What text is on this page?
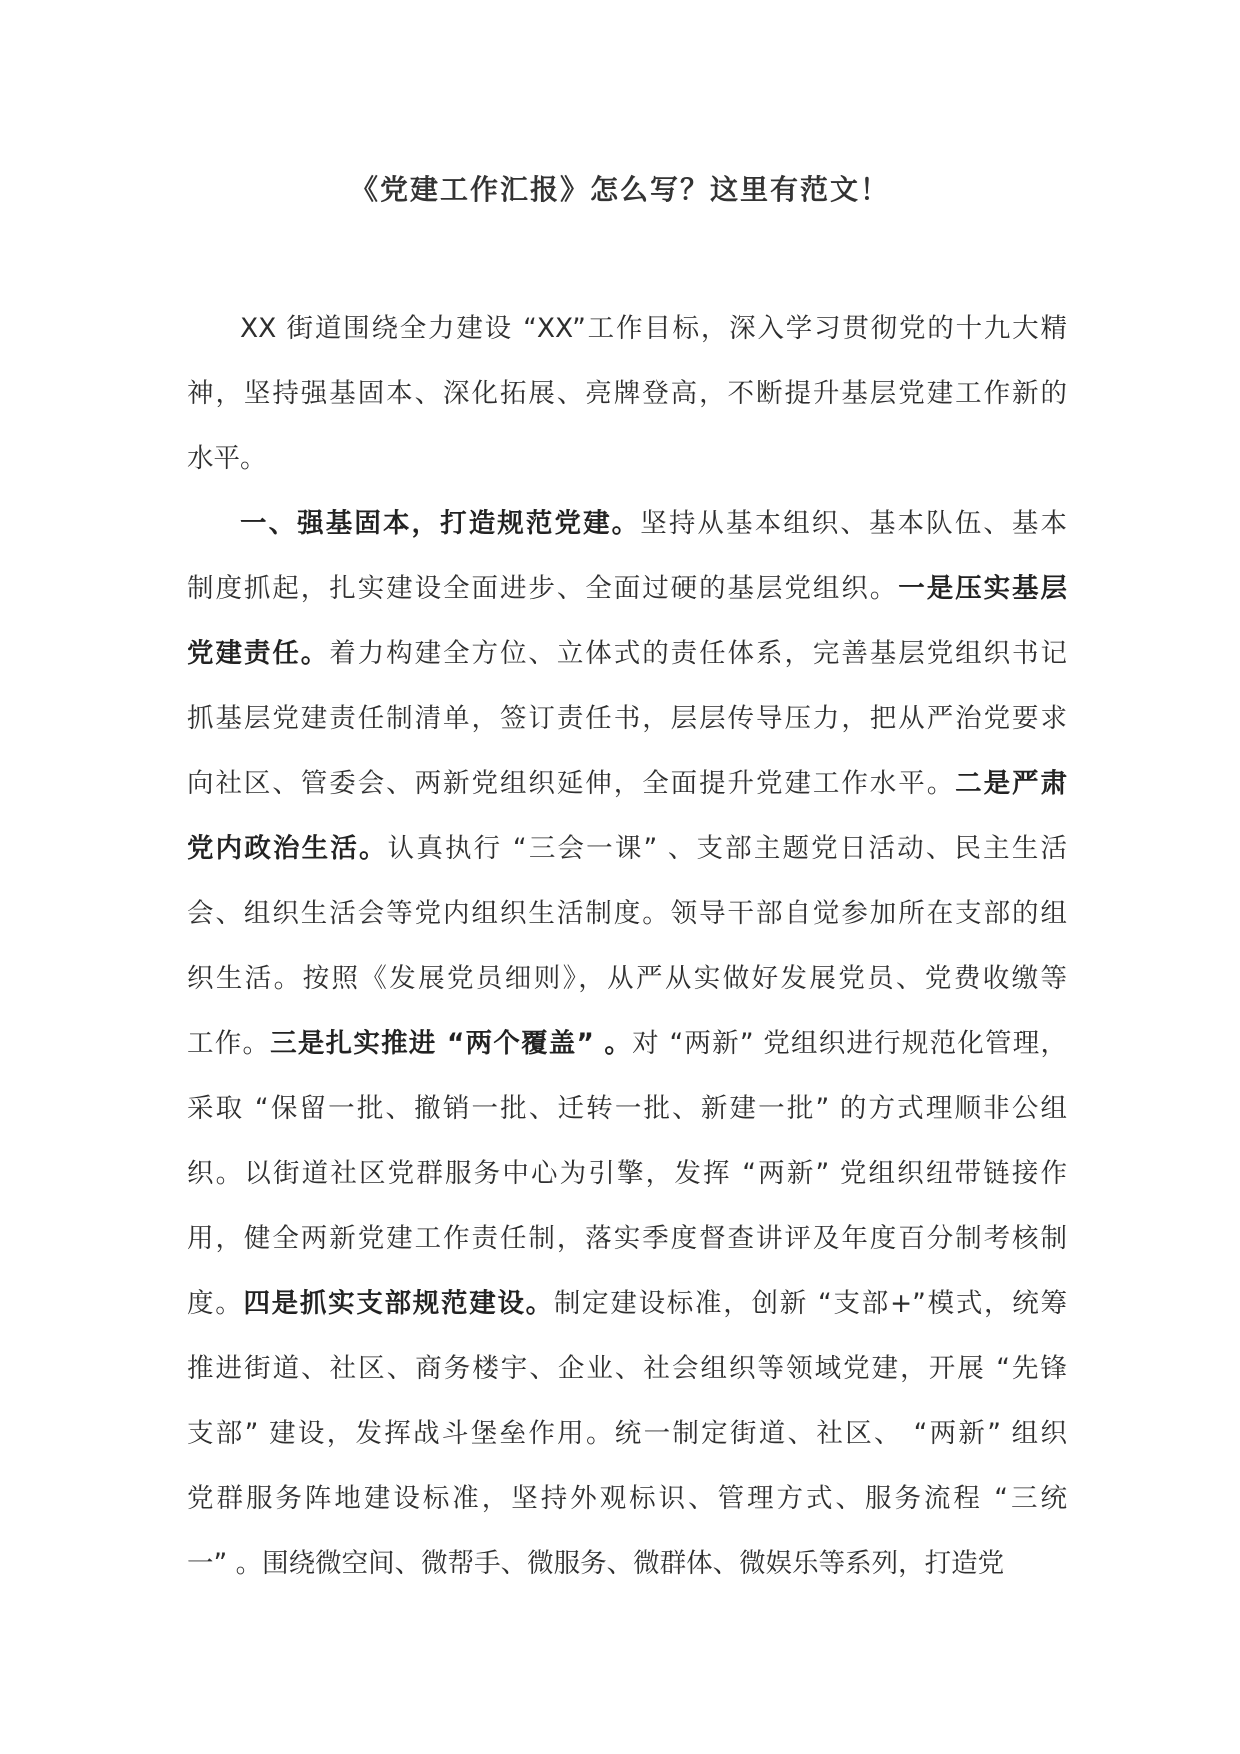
《党建工作汇报》怎么写？这里有范文！
XX 街道围绕全力建设 “XX”工作目标，深入学习贯彻党的十九大精
神，坚持强基固本、深化拓展、亮牌登高，不断提升基层党建工作新的
水平。
一、强基固本，打造规范党建。坚持从基本组织、基本队伍、基本
制度抓起，扎实建设全面进步、全面过硬的基层党组织。一是压实基层
党建责任。着力构建全方位、立体式的责任体系，完善基层党组织书记
抓基层党建责任制清单，签订责任书，层层传导压力，把从严治党要求
向社区、管委会、两新党组织延伸，全面提升党建工作水平。二是严肃
党内政治生活。认真执行 “三会一课” 、支部主题党日活动、民主生活
会、组织生活会等党内组织生活制度。领导干部自觉参加所在支部的组
织生活。按照《发展党员细则》，从严从实做好发展党员、党费收缴等
工作。三是扎实推进 “两个覆盖” 。对 “两新” 党组织进行规范化管理，
采取 “保留一批、撤销一批、迁转一批、新建一批” 的方式理顺非公组
织。以街道社区党群服务中心为引擎，发挥 “两新” 党组织纽带链接作
用，健全两新党建工作责任制，落实季度督查讲评及年度百分制考核制
度。四是抓实支部规范建设。制定建设标准，创新 “支部+”模式，统筹
推进街道、社区、商务楼宇、企业、社会组织等领域党建，开展 “先锋
支部” 建设，发挥战斗堡垒作用。统一制定街道、社区、 “两新” 组织
党群服务阵地建设标准，坚持外观标识、管理方式、服务流程 “三统
一” 。围绕微空间、微帮手、微服务、微群体、微娱乐等系列，打造党
